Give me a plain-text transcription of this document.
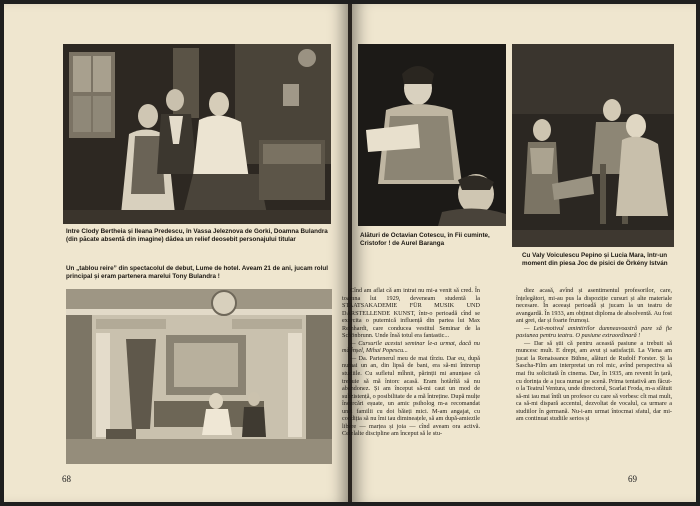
Intre Clody Bertheia și Ileana Predescu, în Vassa Jeleznova de Gorki, Doamna Bulandra (din păcate absentă din imagine) dădea un relief deosebit personajului titular
Un „tablou reire” din spectacolul de debut, Lume de hotel. Aveam 21 de ani, jucam rolul principal și eram partenera marelui Tony Bulandra !
68
Alături de Octavian Cotescu, în Fii cuminte, Cristofor ! de Aurel Baranga
Cu Valy Voiculescu Pepino și Lucia Mara, într-un moment din piesa Joc de pisici de Örkény István

Cînd am aflat că am intrat nu mi-a venit să cred. În toamna lui 1929, deveneam studentă la STAATSAKADEMIE FÜR MUSIK UND DARSTELLENDE KUNST, într-o perioadă cînd se exercita o puternică influență din partea lui Max Reinhardt, care conducea vestitul Seminar de la Schönbrunn. Unde însă totul era fantastic...

— Cursurile acestui seminar le-a urmat, dacă nu mă înșel, Mihai Popescu...

— Da. Partenerul meu de mai tîrziu. Dar eu, după numai un an, din lipsă de bani, era să-mi întrerup studiile. Cu sufletul mîhnit, părinții mi anunțase că trebuie să mă întorc acasă. Eram hotărîtă să nu abandonez. Și am început să-mi caut un mod de subzistență, o posibilitate de a mă întreține. După mulțe încercări eșuate, un amic psiholog m-a recomandat unei familii cu doi băieți mici. M-am angajat, cu condiția să nu îmi iau dimineațele, să am după-amiezile libere — marțea și joia — cînd aveam ora activă. Celelalte discipline am început să le stu-

diez acasă, avînd și asentimentul profesorilor, care, înțelegători, mi-au pus la dispoziție cursuri și alte materiale necesare. În aceeași perioadă și jucam la un teatru de avangardă. În 1933, am obținut diploma de absolventă. Au fost ani grei, dar și foarte frumoși.

— Leit-motivul amintirilor dumneavoastră pare să fie pasiunea pentru teatru. O pasiune extraordinară !

— Dar să știi că pentru această pasiune a trebuit să muncesc mult. E drept, am avut și satisfacții. La Viena am jucat la Renaissance Bühne, alături de Rudolf Forster. Și la Sascha-Film am interpretat un rol mic, avînd perspectiva să mai fiu solicitată în cinema. Dar, în 1935, am revenit în țară, cu dorința de a juca numai pe scenă. Prima tentativă am făcut-o la Teatrul Ventura, unde directorul, Scarlat Froda, m-a sfătuit să-mi iau mai întîi un profesor cu care să vorbesc cît mai mult, ca să-mi dispară accentul, dezvoltat de vocalul, ca urmare a studiilor în germană. Nu-i-am urmat întocmai sfatul, dar mi-am continuat studiile serios și

69
